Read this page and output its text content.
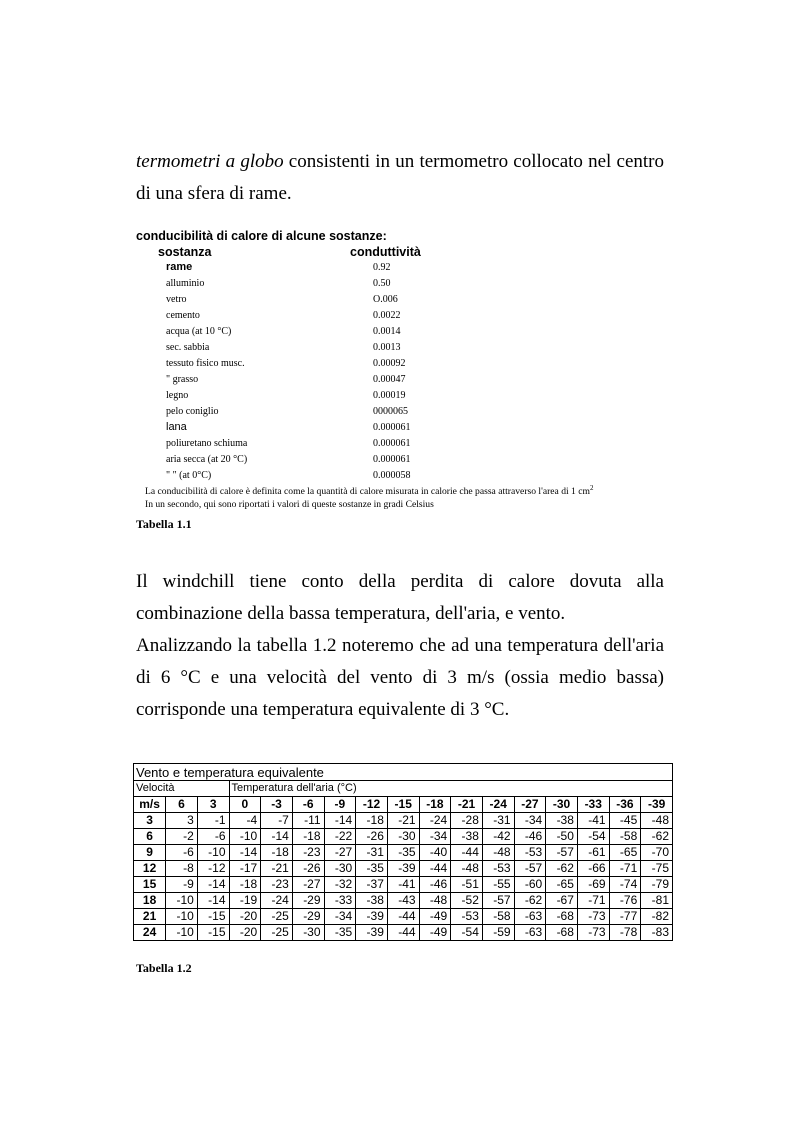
termometri a globo consistenti in un termometro collocato nel centro
di una sfera di rame.
conducibilità di calore di alcune sostanze:
sostanza	conduttività
rame	0.92
alluminio	0.50
vetro	O.006
cemento	0.0022
acqua (at 10 °C)	0.0014
sec. sabbia	0.0013
tessuto fisico musc.	0.00092
" grasso	0.00047
legno	0.00019
pelo coniglio	0000065
lana	0.000061
poliuretano schiuma	0.000061
aria secca (at 20 °C)	0.000061
" " (at 0°C)	0.000058
La conducibilità di calore è definita come la quantità di calore misurata in calorie che passa attraverso l'area di 1 $cm^2$
In un secondo, qui sono riportati i valori di queste sostanze in gradi Celsius
Tabella 1.1
Il windchill tiene conto della perdita di calore dovuta alla
combinazione della bassa temperatura, dell'aria, e vento.
Analizzando la tabella 1.2 noteremo che ad una temperatura dell'aria
di 6 °C e una velocità del vento di 3 m/s (ossia medio bassa)
corrisponde una temperatura equivalente di 3 °C.
Vento e temperatura equivalente																
Velocità			Temperatura dell'aria (°C)													
m/s	6	3	0	-3	-6	-9	-12	-15	-18	-21	-24	-27	-30	-33	-36	-39
3	3	-1	-4	-7	-11	-14	-18	-21	-24	-28	-31	-34	-38	-41	-45	-48
6	-2	-6	-10	-14	-18	-22	-26	-30	-34	-38	-42	-46	-50	-54	-58	-62
9	-6	-10	-14	-18	-23	-27	-31	-35	-40	-44	-48	-53	-57	-61	-65	-70
12	-8	-12	-17	-21	-26	-30	-35	-39	-44	-48	-53	-57	-62	-66	-71	-75
15	-9	-14	-18	-23	-27	-32	-37	-41	-46	-51	-55	-60	-65	-69	-74	-79
18	-10	-14	-19	-24	-29	-33	-38	-43	-48	-52	-57	-62	-67	-71	-76	-81
21	-10	-15	-20	-25	-29	-34	-39	-44	-49	-53	-58	-63	-68	-73	-77	-82
24	-10	-15	-20	-25	-30	-35	-39	-44	-49	-54	-59	-63	-68	-73	-78	-83
Tabella 1.2
